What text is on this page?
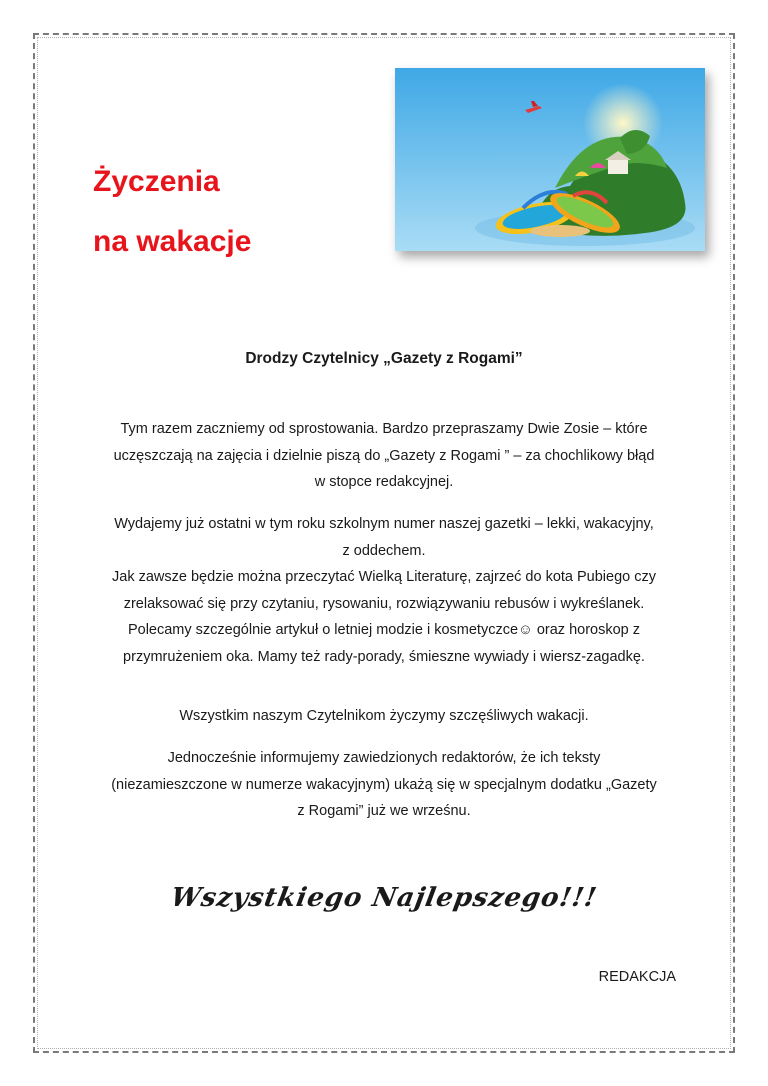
Życzenia
na wakacje
Drodzy Czytelnicy „Gazety z Rogami”
Tym razem zaczniemy od sprostowania. Bardzo przepraszamy Dwie Zosie – które
uczęszczają na zajęcia i dzielnie piszą do „Gazety z Rogami ” – za chochlikowy błąd
w stopce redakcyjnej.
Wydajemy już ostatni w tym roku szkolnym numer naszej gazetki – lekki, wakacyjny,
z oddechem.
Jak zawsze będzie można przeczytać Wielką Literaturę, zajrzeć do kota Pubiego czy
zrelaksować się przy czytaniu, rysowaniu, rozwiązywaniu rebusów i wykreślanek.
Polecamy szczególnie artykuł o letniej modzie i kosmetyczce☺ oraz horoskop z
przymrużeniem oka. Mamy też rady-porady, śmieszne wywiady i wiersz-zagadkę.
Wszystkim naszym Czytelnikom życzymy szczęśliwych wakacji.
Jednocześnie informujemy zawiedzionych redaktorów, że ich teksty
(niezamieszczone w numerze wakacyjnym) ukażą się w specjalnym dodatku „Gazety
z Rogami” już we wrześnu.
Wszystkiego Najlepszego!!!
REDAKCJA
